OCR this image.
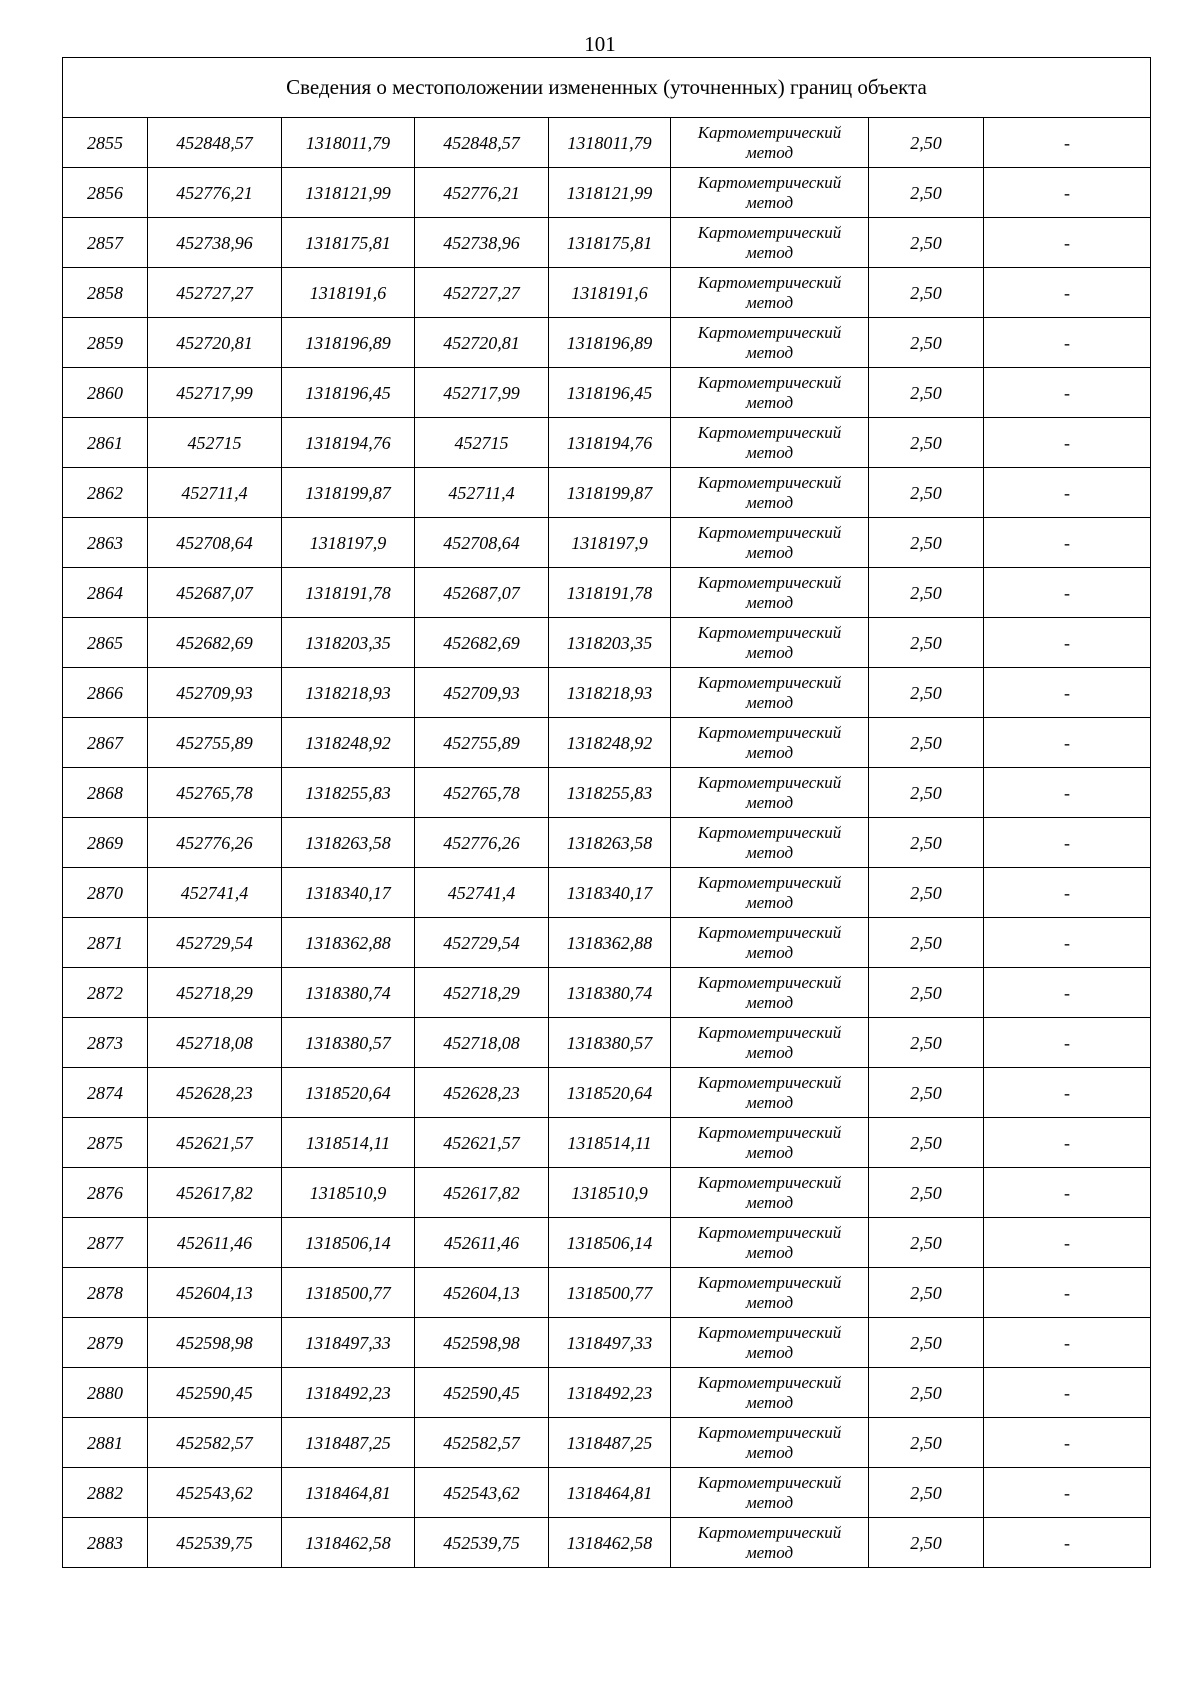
101
Сведения о местоположении измененных (уточненных) границ объекта							
2855	452848,57	1318011,79	452848,57	1318011,79	Картометрический
метод	2,50	-
2856	452776,21	1318121,99	452776,21	1318121,99	Картометрический
метод	2,50	-
2857	452738,96	1318175,81	452738,96	1318175,81	Картометрический
метод	2,50	-
2858	452727,27	1318191,6	452727,27	1318191,6	Картометрический
метод	2,50	-
2859	452720,81	1318196,89	452720,81	1318196,89	Картометрический
метод	2,50	-
2860	452717,99	1318196,45	452717,99	1318196,45	Картометрический
метод	2,50	-
2861	452715	1318194,76	452715	1318194,76	Картометрический
метод	2,50	-
2862	452711,4	1318199,87	452711,4	1318199,87	Картометрический
метод	2,50	-
2863	452708,64	1318197,9	452708,64	1318197,9	Картометрический
метод	2,50	-
2864	452687,07	1318191,78	452687,07	1318191,78	Картометрический
метод	2,50	-
2865	452682,69	1318203,35	452682,69	1318203,35	Картометрический
метод	2,50	-
2866	452709,93	1318218,93	452709,93	1318218,93	Картометрический
метод	2,50	-
2867	452755,89	1318248,92	452755,89	1318248,92	Картометрический
метод	2,50	-
2868	452765,78	1318255,83	452765,78	1318255,83	Картометрический
метод	2,50	-
2869	452776,26	1318263,58	452776,26	1318263,58	Картометрический
метод	2,50	-
2870	452741,4	1318340,17	452741,4	1318340,17	Картометрический
метод	2,50	-
2871	452729,54	1318362,88	452729,54	1318362,88	Картометрический
метод	2,50	-
2872	452718,29	1318380,74	452718,29	1318380,74	Картометрический
метод	2,50	-
2873	452718,08	1318380,57	452718,08	1318380,57	Картометрический
метод	2,50	-
2874	452628,23	1318520,64	452628,23	1318520,64	Картометрический
метод	2,50	-
2875	452621,57	1318514,11	452621,57	1318514,11	Картометрический
метод	2,50	-
2876	452617,82	1318510,9	452617,82	1318510,9	Картометрический
метод	2,50	-
2877	452611,46	1318506,14	452611,46	1318506,14	Картометрический
метод	2,50	-
2878	452604,13	1318500,77	452604,13	1318500,77	Картометрический
метод	2,50	-
2879	452598,98	1318497,33	452598,98	1318497,33	Картометрический
метод	2,50	-
2880	452590,45	1318492,23	452590,45	1318492,23	Картометрический
метод	2,50	-
2881	452582,57	1318487,25	452582,57	1318487,25	Картометрический
метод	2,50	-
2882	452543,62	1318464,81	452543,62	1318464,81	Картометрический
метод	2,50	-
2883	452539,75	1318462,58	452539,75	1318462,58	Картометрический
метод	2,50	-
